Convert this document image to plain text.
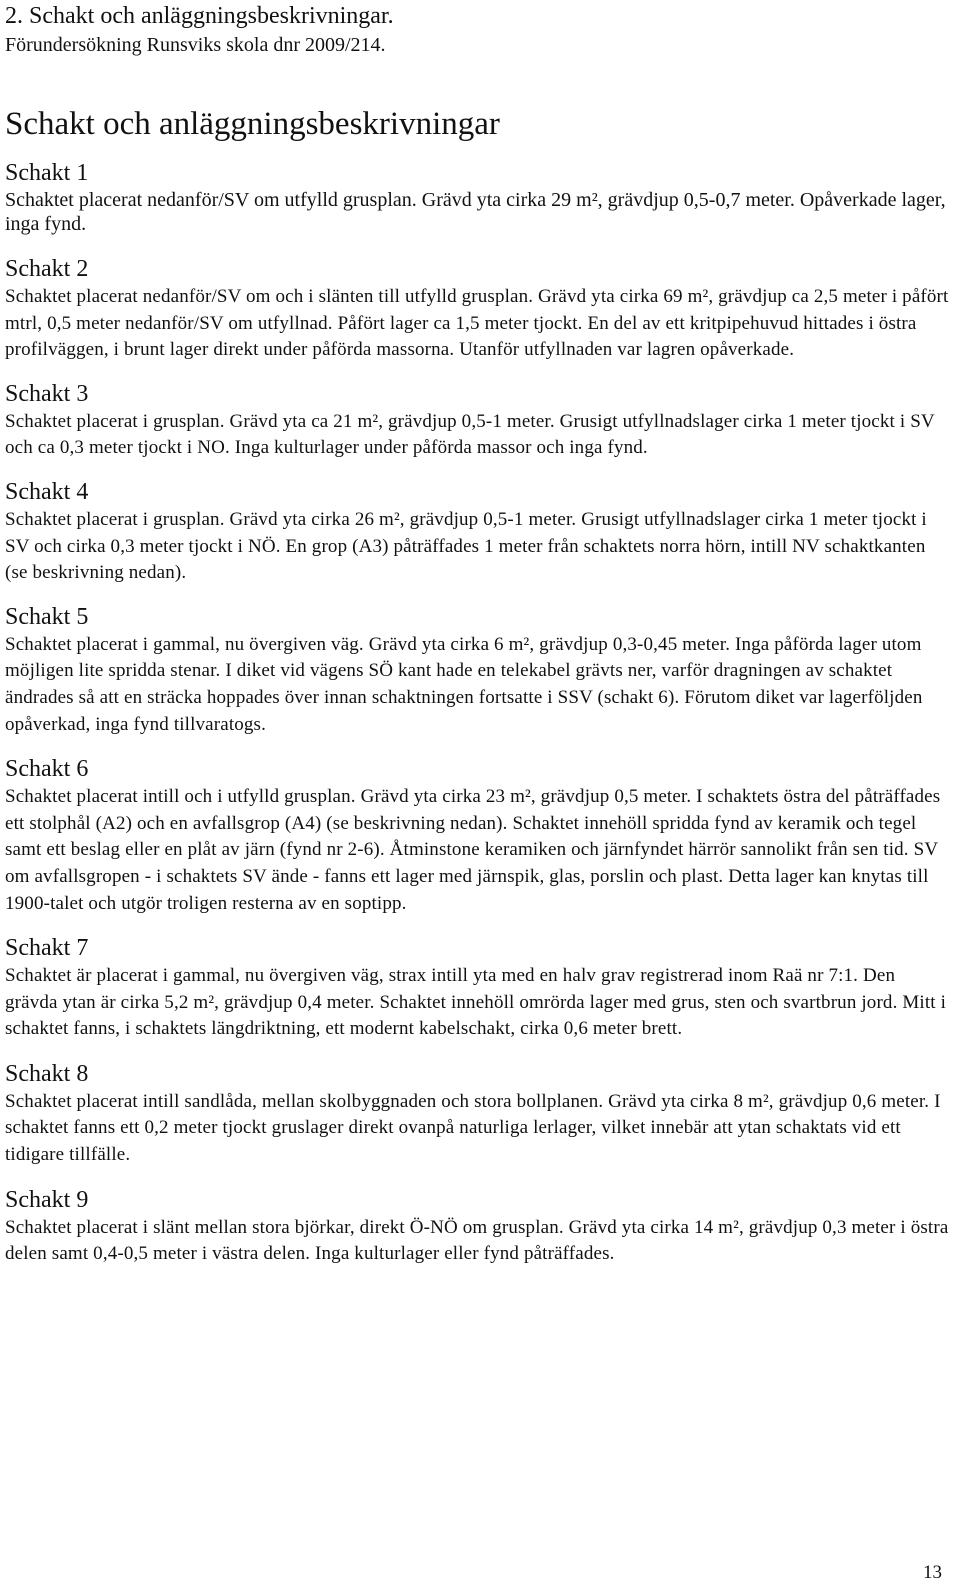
2. Schakt och anläggningsbeskrivningar.
Förundersökning Runsviks skola dnr 2009/214.
Schakt och anläggningsbeskrivningar
Schakt 1

Schaktet placerat nedanför/SV om utfylld grusplan. Grävd yta cirka 29 m², grävdjup 0,5-0,7 meter. Opåverkade lager, inga fynd.

Schakt 2

Schaktet placerat nedanför/SV om och i slänten till utfylld grusplan. Grävd yta cirka 69 m², grävdjup ca 2,5 meter i påfört mtrl, 0,5 meter nedanför/SV om utfyllnad. Påfört lager ca 1,5 meter tjockt. En del av ett kritpipehuvud hittades i östra profilväggen, i brunt lager direkt under påförda massorna. Utanför utfyllnaden var lagren opåverkade.

Schakt 3

Schaktet placerat i grusplan. Grävd yta ca 21 m², grävdjup 0,5-1 meter. Grusigt utfyllnadslager cirka 1 meter tjockt i SV och ca 0,3 meter tjockt i NO. Inga kulturlager under påförda massor och inga fynd.

Schakt 4

Schaktet placerat i grusplan. Grävd yta cirka 26 m², grävdjup 0,5-1 meter. Grusigt utfyllnadslager cirka 1 meter tjockt i SV och cirka 0,3 meter tjockt i NÖ. En grop (A3) påträffades 1 meter från schaktets norra hörn, intill NV schaktkanten (se beskrivning nedan).

Schakt 5

Schaktet placerat i gammal, nu övergiven väg. Grävd yta cirka 6 m², grävdjup 0,3-0,45 meter. Inga påförda lager utom möjligen lite spridda stenar. I diket vid vägens SÖ kant hade en telekabel grävts ner, varför dragningen av schaktet ändrades så att en sträcka hoppades över innan schaktningen fortsatte i SSV (schakt 6). Förutom diket var lagerföljden opåverkad, inga fynd tillvaratogs.

Schakt 6

Schaktet placerat intill och i utfylld grusplan. Grävd yta cirka 23 m², grävdjup 0,5 meter. I schaktets östra del påträffades ett stolphål (A2) och en avfallsgrop (A4) (se beskrivning nedan). Schaktet innehöll spridda fynd av keramik och tegel samt ett beslag eller en plåt av järn (fynd nr 2-6). Åtminstone keramiken och järnfyndet härrör sannolikt från sen tid. SV om avfallsgropen - i schaktets SV ände - fanns ett lager med järnspik, glas, porslin och plast. Detta lager kan knytas till 1900-talet och utgör troligen resterna av en soptipp.

Schakt 7

Schaktet är placerat i gammal, nu övergiven väg, strax intill yta med en halv grav registrerad inom Raä nr 7:1. Den grävda ytan är cirka 5,2 m², grävdjup 0,4 meter. Schaktet innehöll omrörda lager med grus, sten och svartbrun jord. Mitt i schaktet fanns, i schaktets längdriktning, ett modernt kabelschakt, cirka 0,6 meter brett.

Schakt 8

Schaktet placerat intill sandlåda, mellan skolbyggnaden och stora bollplanen. Grävd yta cirka 8 m², grävdjup 0,6 meter. I schaktet fanns ett 0,2 meter tjockt gruslager direkt ovanpå naturliga lerlager, vilket innebär att ytan schaktats vid ett tidigare tillfälle.

Schakt 9

Schaktet placerat i slänt mellan stora björkar, direkt Ö-NÖ om grusplan. Grävd yta cirka 14 m², grävdjup 0,3 meter i östra delen samt 0,4-0,5 meter i västra delen. Inga kulturlager eller fynd påträffades.

13
